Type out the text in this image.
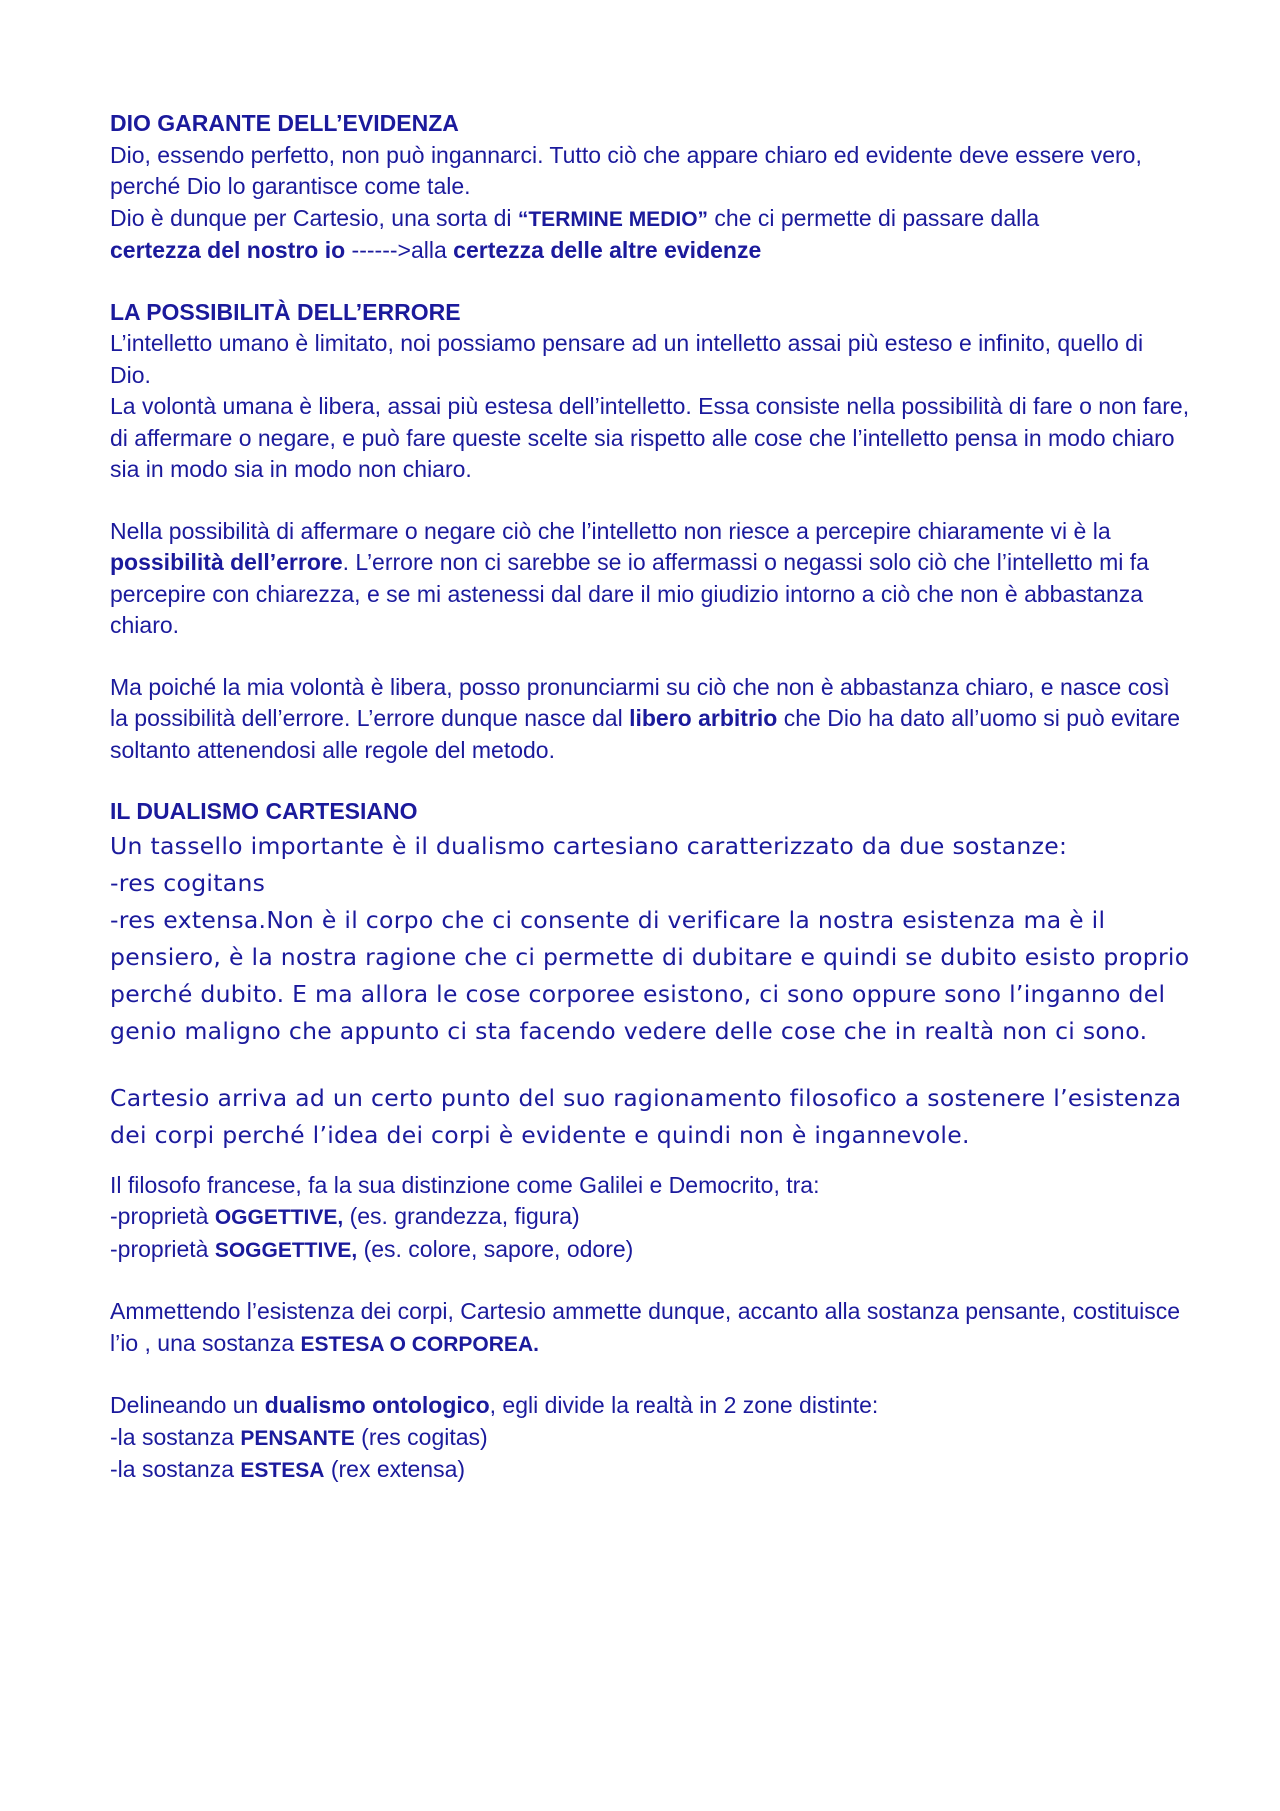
DIO GARANTE DELL’EVIDENZA

Dio, essendo perfetto, non può ingannarci. Tutto ciò che appare chiaro ed evidente deve essere vero, perché Dio lo garantisce come tale.

Dio è dunque per Cartesio, una sorta di “TERMINE MEDIO” che ci permette di passare dalla
certezza del nostro io ------>alla certezza delle altre evidenze

LA POSSIBILITÀ DELL’ERRORE

L’intelletto umano è limitato, noi possiamo pensare ad un intelletto assai più esteso e infinito, quello di Dio.

La volontà umana è libera, assai più estesa dell’intelletto. Essa consiste nella possibilità di fare o non fare, di affermare o negare, e può fare queste scelte sia rispetto alle cose che l’intelletto pensa in modo chiaro sia in modo sia in modo non chiaro.

Nella possibilità di affermare o negare ciò che l’intelletto non riesce a percepire chiaramente vi è la possibilità dell’errore. L’errore non ci sarebbe se io affermassi o negassi solo ciò che l’intelletto mi fa percepire con chiarezza, e se mi astenessi dal dare il mio giudizio intorno a ciò che non è abbastanza chiaro.

Ma poiché la mia volontà è libera, posso pronunciarmi su ciò che non è abbastanza chiaro, e nasce così la possibilità dell’errore. L’errore dunque nasce dal libero arbitrio che Dio ha dato all’uomo si può evitare soltanto attenendosi alle regole del metodo.

IL DUALISMO CARTESIANO

Un tassello importante è il dualismo cartesiano caratterizzato da due sostanze:
-res cogitans
-res extensa.Non è il corpo che ci consente di verificare la nostra esistenza ma è il pensiero, è la nostra ragione che ci permette di dubitare e quindi se dubito esisto proprio perché dubito. E ma allora le cose corporee esistono, ci sono oppure sono l’inganno del genio maligno che appunto ci sta facendo vedere delle cose che in realtà non ci sono.

Cartesio arriva ad un certo punto del suo ragionamento filosofico a sostenere l’esistenza dei corpi perché l’idea dei corpi è evidente e quindi non è ingannevole.

Il filosofo francese, fa la sua distinzione come Galilei e Democrito, tra:
-proprietà OGGETTIVE, (es. grandezza, figura)
-proprietà SOGGETTIVE, (es. colore, sapore, odore)

Ammettendo l’esistenza dei corpi, Cartesio ammette dunque, accanto alla sostanza pensante, costituisce l’io , una sostanza ESTESA O CORPOREA.

Delineando un dualismo ontologico, egli divide la realtà in 2 zone distinte:
-la sostanza PENSANTE (res cogitas)
-la sostanza ESTESA (rex extensa)
